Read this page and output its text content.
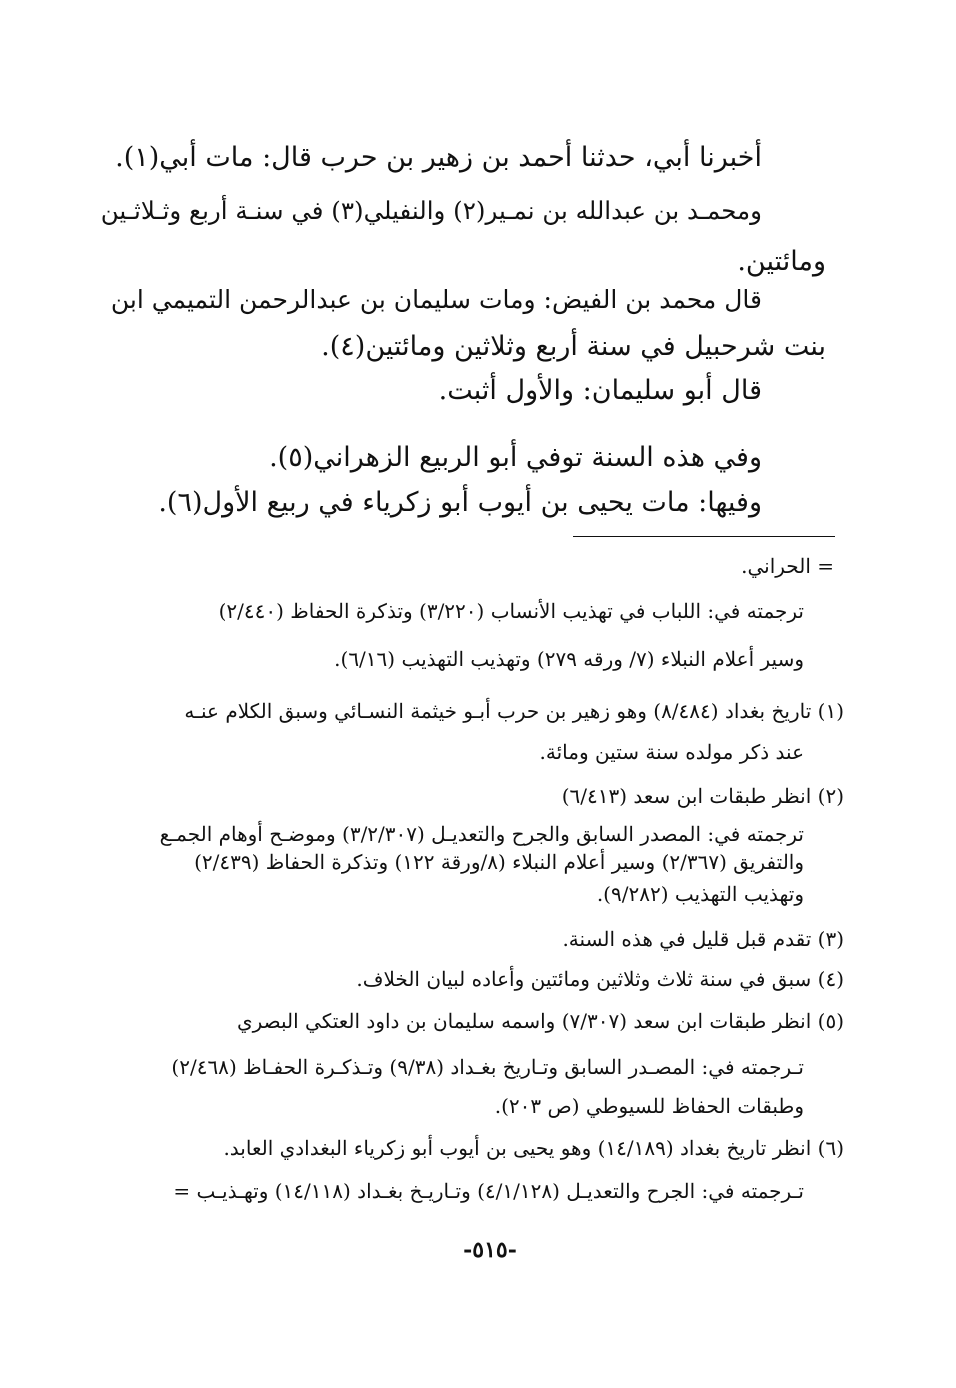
أخبرنا أبي، حدثنا أحمد بن زهير بن حرب قال: مات أبي(١).
ومحمـد بن عبدالله بن نمـير(٢) والنفيلي(٣) في سنـة أربع وثـلاثـين
ومائتين.
قال محمد بن الفيض: ومات سليمان بن عبدالرحمن التميمي ابن
بنت شرحبيل في سنة أربع وثلاثين ومائتين(٤).
قال أبو سليمان: والأول أثبت.
وفي هذه السنة توفي أبو الربيع الزهراني(٥).
وفيها: مات يحيى بن أيوب أبو زكرياء في ربيع الأول(٦).
= الحراني.
ترجمته في: اللباب في تهذيب الأنساب (٣/٢٢٠) وتذكرة الحفاظ (٢/٤٤٠)
وسير أعلام النبلاء (٧/ ورقه ٢٧٩) وتهذيب التهذيب (٦/١٦).
(١) تاريخ بغداد (٨/٤٨٤) وهو زهير بن حرب أبـو خيثمة النسـائي وسبق الكلام عنـه
عند ذكر مولده سنة ستين ومائة.
(٢) انظر طبقات ابن سعد (٦/٤١٣)
ترجمته في: المصدر السابق والجرح والتعديـل (٣/٢/٣٠٧) وموضـح أوهام الجمـع
والتفريق (٢/٣٦٧) وسير أعلام النبلاء (٨/ورقة ١٢٢) وتذكرة الحفاظ (٢/٤٣٩)
وتهذيب التهذيب (٩/٢٨٢).
(٣) تقدم قبل قليل في هذه السنة.
(٤) سبق في سنة ثلاث وثلاثين ومائتين وأعاده لبيان الخلاف.
(٥) انظر طبقات ابن سعد (٧/٣٠٧) واسمه سليمان بن داود العتكي البصري
تـرجمته في: المصـدر السابق وتـاريخ بغـداد (٩/٣٨) وتـذكـرة الحفـاظ (٢/٤٦٨)
وطبقات الحفاظ للسيوطي (ص ٢٠٣).
(٦) انظر تاريخ بغداد (١٤/١٨٩) وهو يحيى بن أيوب أبو زكرياء البغدادي العابد.
تـرجمته في: الجرح والتعديـل (٤/١/١٢٨) وتـاريـخ بغـداد (١٤/١١٨) وتهـذيـب =
-٥١٥-
